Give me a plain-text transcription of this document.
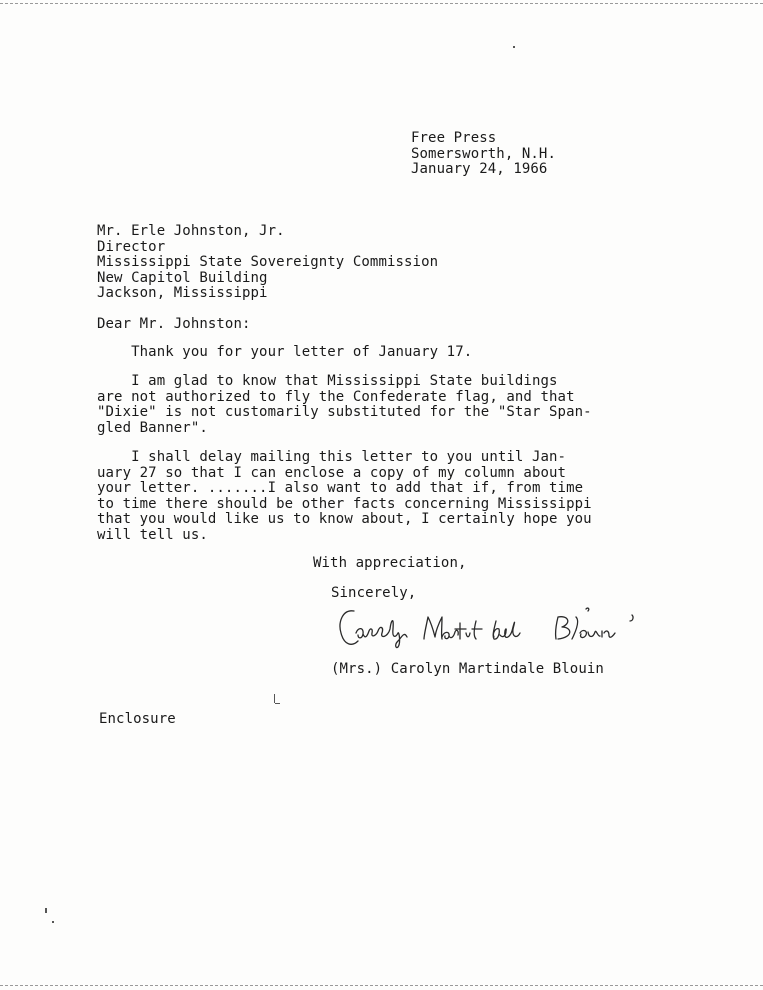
Free Press
Somersworth, N.H.
January 24, 1966
Mr. Erle Johnston, Jr.
Director
Mississippi State Sovereignty Commission
New Capitol Building
Jackson, Mississippi
Dear Mr. Johnston:
Thank you for your letter of January 17.
I am glad to know that Mississippi State buildings
are not authorized to fly the Confederate flag, and that
"Dixie" is not customarily substituted for the "Star Span-
gled Banner".
I shall delay mailing this letter to you until Jan-
uary 27 so that I can enclose a copy of my column about
your letter. .......I also want to add that if, from time
to time there should be other facts concerning Mississippi
that you would like us to know about, I certainly hope you
will tell us.
With appreciation,
Sincerely,
(Mrs.) Carolyn Martindale Blouin
Enclosure
